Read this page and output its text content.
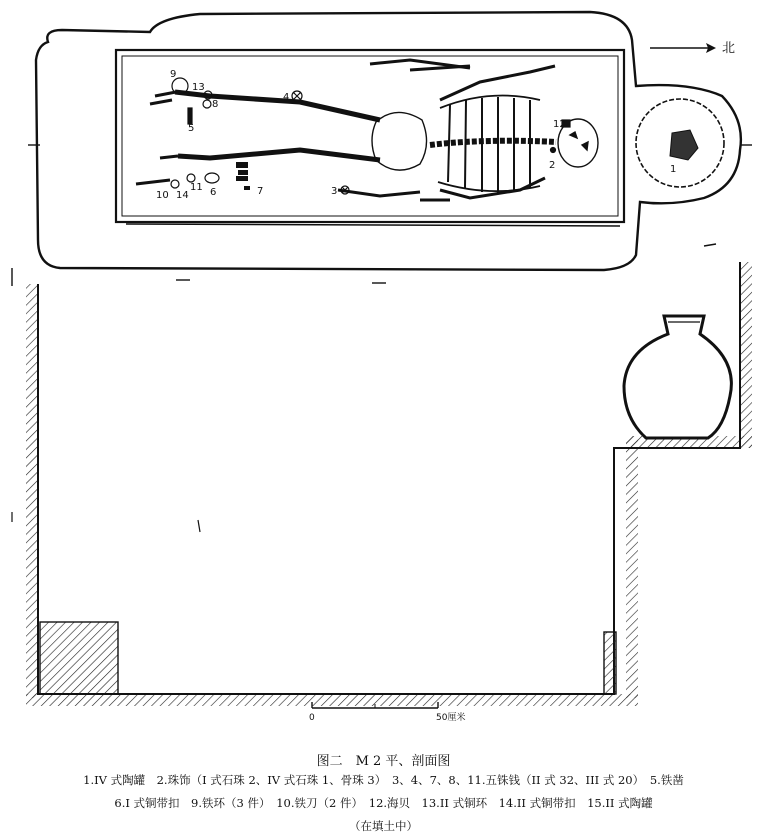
北
1
2
3
4
5
6	7
8
9
10
11
12
13
14
0	50厘米
图二　M 2 平、剖面图
1.IV 式陶罐　2.珠饰（I 式石珠 2、IV 式石珠 1、骨珠 3）　3、4、7、8、11.五铢钱（II 式 32、III 式 20）　5.铁凿
6.I 式铜带扣　9.铁环（3 件）　10.铁刀（2 件）　12.海贝　13.II 式铜环　14.II 式铜带扣　15.II 式陶罐
（在填土中）
